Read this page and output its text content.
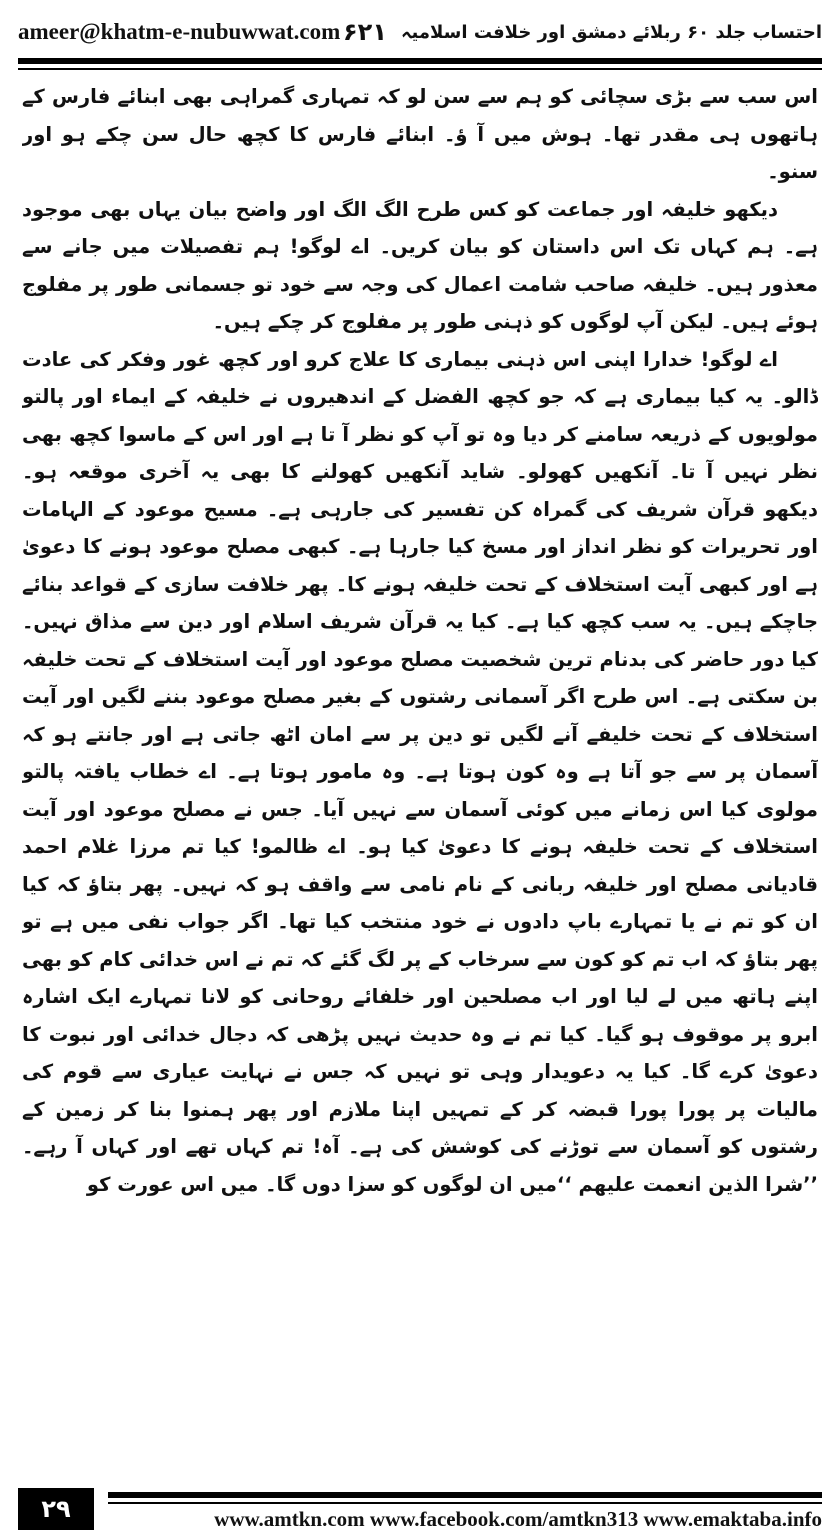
ameer@khatm-e-nubuwwat.com	احتساب جلد ۶۰ ربلائے دمشق اور خلافت اسلامیہ
۶۲۱

اس سب سے بڑی سچائی کو ہم سے سن لو کہ تمہاری گمراہی بھی ابنائے فارس کے ہاتھوں ہی مقدر تھا۔ ہوش میں آ ؤ۔ ابنائے فارس کا کچھ حال سن چکے ہو اور سنو۔

دیکھو خلیفہ اور جماعت کو کس طرح الگ الگ اور واضح بیان یہاں بھی موجود ہے۔ ہم کہاں تک اس داستان کو بیان کریں۔ اے لوگو! ہم تفصیلات میں جانے سے معذور ہیں۔ خلیفہ صاحب شامت اعمال کی وجہ سے خود تو جسمانی طور پر مفلوج ہوئے ہیں۔ لیکن آپ لوگوں کو ذہنی طور پر مفلوج کر چکے ہیں۔

اے لوگو! خدارا اپنی اس ذہنی بیماری کا علاج کرو اور کچھ غور وفکر کی عادت ڈالو۔ یہ کیا بیماری ہے کہ جو کچھ الفضل کے اندھیروں نے خلیفہ کے ایماء اور پالتو مولویوں کے ذریعہ سامنے کر دیا وہ تو آپ کو نظر آ تا ہے اور اس کے ماسوا کچھ بھی نظر نہیں آ تا۔ آنکھیں کھولو۔ شاید آنکھیں کھولنے کا بھی یہ آخری موقعہ ہو۔ دیکھو قرآن شریف کی گمراہ کن تفسیر کی جارہی ہے۔ مسیح موعود کے الہامات اور تحریرات کو نظر انداز اور مسخ کیا جارہا ہے۔ کبھی مصلح موعود ہونے کا دعویٰ ہے اور کبھی آیت استخلاف کے تحت خلیفہ ہونے کا۔ پھر خلافت سازی کے قواعد بنائے جاچکے ہیں۔ یہ سب کچھ کیا ہے۔ کیا یہ قرآن شریف اسلام اور دین سے مذاق نہیں۔ کیا دور حاضر کی بدنام ترین شخصیت مصلح موعود اور آیت استخلاف کے تحت خلیفہ بن سکتی ہے۔ اس طرح اگر آسمانی رشتوں کے بغیر مصلح موعود بننے لگیں اور آیت استخلاف کے تحت خلیفے آنے لگیں تو دین پر سے امان اٹھ جاتی ہے اور جانتے ہو کہ آسمان پر سے جو آتا ہے وہ کون ہوتا ہے۔ وہ مامور ہوتا ہے۔ اے خطاب یافتہ پالتو مولوی کیا اس زمانے میں کوئی آسمان سے نہیں آیا۔ جس نے مصلح موعود اور آیت استخلاف کے تحت خلیفہ ہونے کا دعویٰ کیا ہو۔ اے ظالمو! کیا تم مرزا غلام احمد قادیانی مصلح اور خلیفہ ربانی کے نام نامی سے واقف ہو کہ نہیں۔ پھر بتاؤ کہ کیا ان کو تم نے یا تمہارے باپ دادوں نے خود منتخب کیا تھا۔ اگر جواب نفی میں ہے تو پھر بتاؤ کہ اب تم کو کون سے سرخاب کے پر لگ گئے کہ تم نے اس خدائی کام کو بھی اپنے ہاتھ میں لے لیا اور اب مصلحین اور خلفائے روحانی کو لانا تمہارے ایک اشارہ ابرو پر موقوف ہو گیا۔ کیا تم نے وہ حدیث نہیں پڑھی کہ دجال خدائی اور نبوت کا دعویٰ کرے گا۔ کیا یہ دعویدار وہی تو نہیں کہ جس نے نہایت عیاری سے قوم کی مالیات پر پورا پورا قبضہ کر کے تمہیں اپنا ملازم اور پھر ہمنوا بنا کر زمین کے رشتوں کو آسمان سے توڑنے کی کوشش کی ہے۔ آہ! تم کہاں تھے اور کہاں آ رہے۔ ’’شرا الذین انعمت علیھم ‘‘میں ان لوگوں کو سزا دوں گا۔ میں اس عورت کو

۲۹	www.amtkn.com www.facebook.com/amtkn313 www.emaktaba.info
